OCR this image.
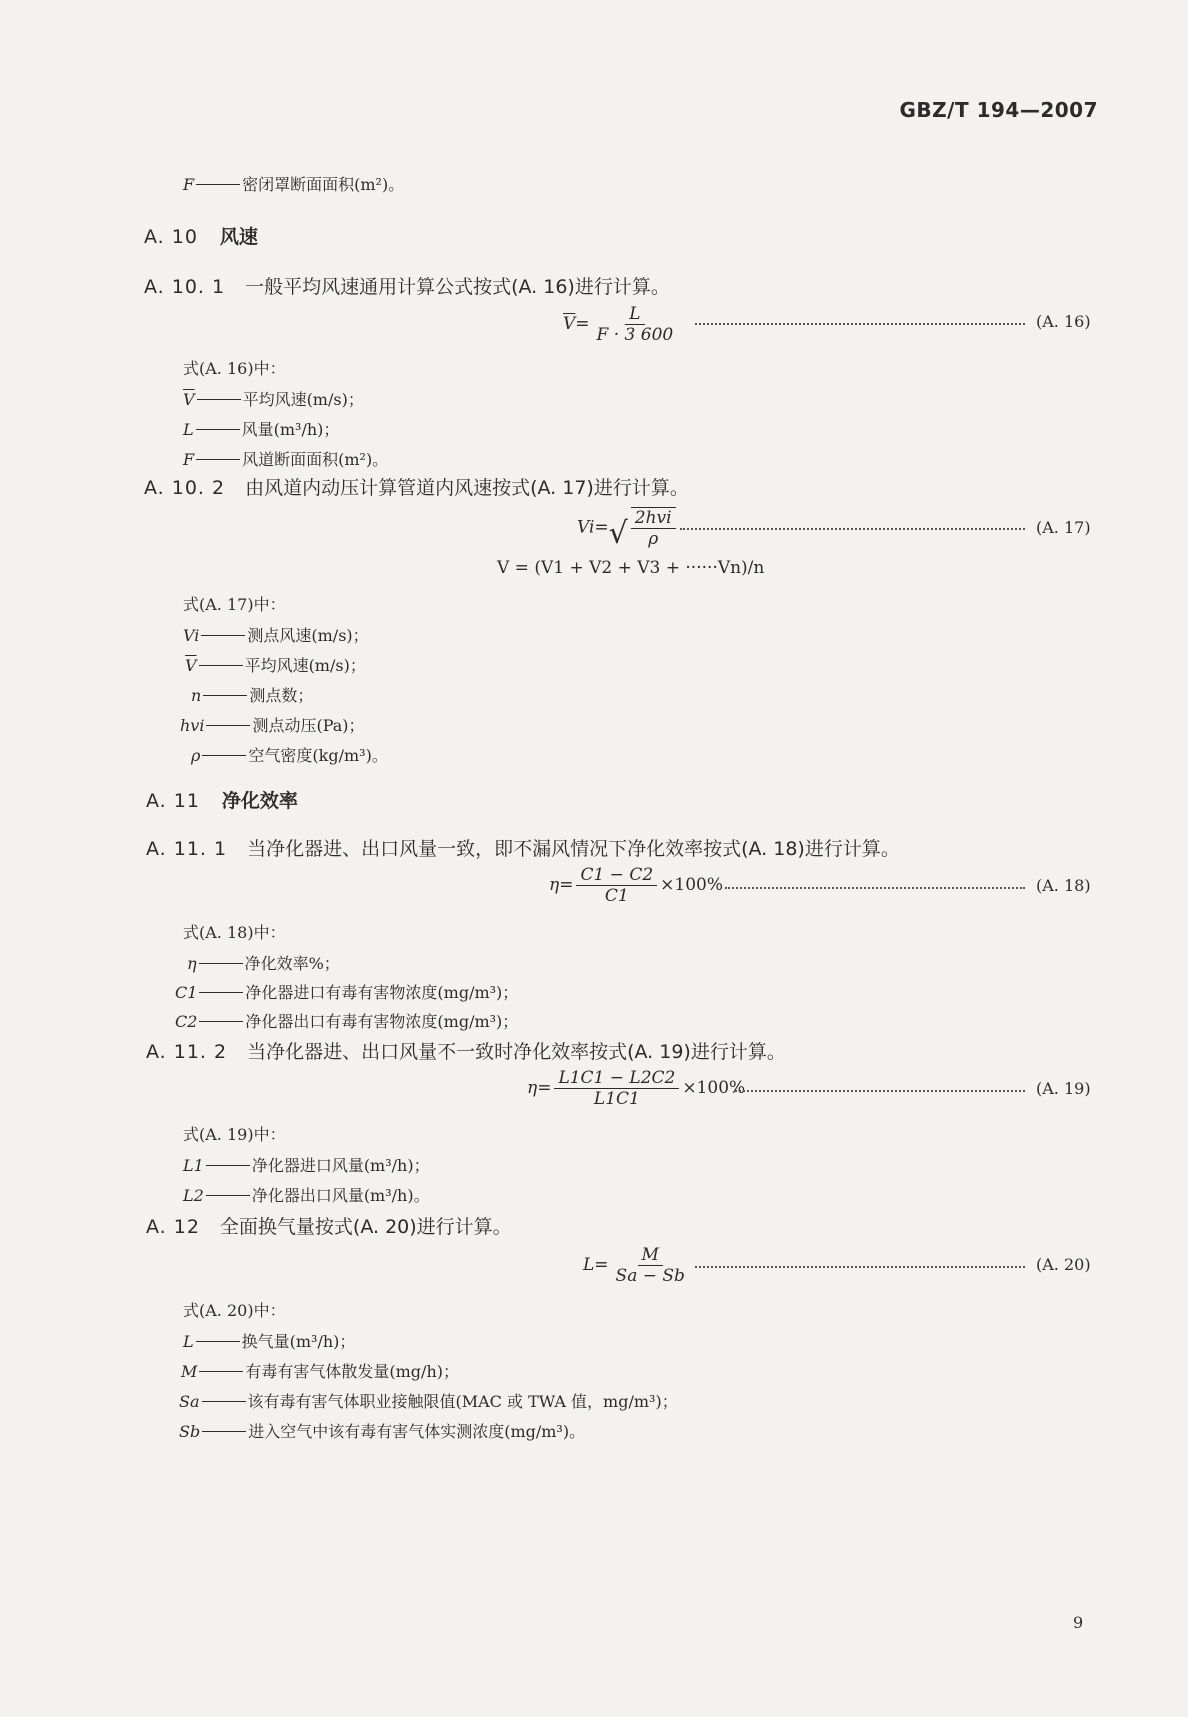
GBZ/T 194—2007
F	密闭罩断面面积(m²)。
A. 10 风速
A. 10. 1 一般平均风速通用计算公式按式(A. 16)进行计算。
$\overline{V}= \frac{L}{F \cdot 3 600}$	(A. 16)
式(A. 16)中：
$\overline{V}$	平均风速(m/s)；
L	风量(m³/h)；
F	风道断面面积(m²)。
A. 10. 2 由风道内动压计算管道内风速按式(A. 17)进行计算。
Vi= √ $\frac{\text{2hvi}}{\rho}$	(A. 17)
V = (V1 + V2 + V3 + ······Vn)/n
式(A. 17)中：
Vi	测点风速(m/s)；
$\overline{V}$	平均风速(m/s)；
n	测点数；
hvi	测点动压(Pa)；
ρ	空气密度(kg/m³)。
A. 11 净化效率
A. 11. 1 当净化器进、出口风量一致，即不漏风情况下净化效率按式(A. 18)进行计算。
$\eta= \frac{C1 - C2}{C1} \times 100\%$	(A. 18)
式(A. 18)中：
η	净化效率%；
C1	净化器进口有毒有害物浓度(mg/m³)；
C2	净化器出口有毒有害物浓度(mg/m³)；
A. 11. 2 当净化器进、出口风量不一致时净化效率按式(A. 19)进行计算。
$\eta= \frac{L1C1 - L2C2}{L1C1} \times 100\%$	(A. 19)
式(A. 19)中：
L1	净化器进口风量(m³/h)；
L2	净化器出口风量(m³/h)。
A. 12 全面换气量按式(A. 20)进行计算。
$L= \frac{M}{Sa - Sb}$	(A. 20)
式(A. 20)中：
L	换气量(m³/h)；
M	有毒有害气体散发量(mg/h)；
Sa	该有毒有害气体职业接触限值(MAC 或 TWA 值，mg/m³)；
Sb	进入空气中该有毒有害气体实测浓度(mg/m³)。
9
